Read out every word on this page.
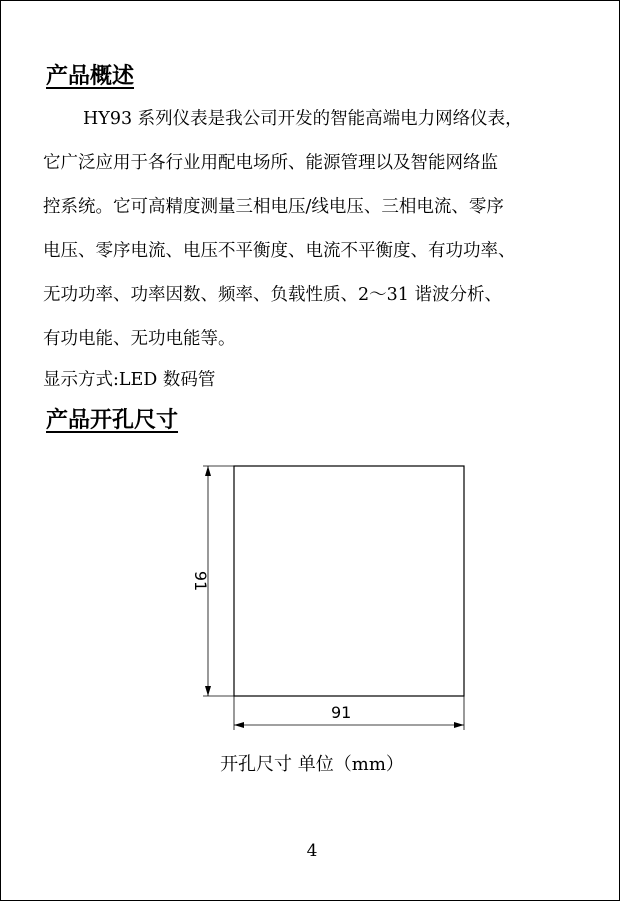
产品概述
HY93 系列仪表是我公司开发的智能高端电力网络仪表，
它广泛应用于各行业用配电场所、能源管理以及智能网络监
控系统。它可高精度测量三相电压/线电压、三相电流、零序
电压、零序电流、电压不平衡度、电流不平衡度、有功功率、
无功功率、功率因数、频率、负载性质、2～31 谐波分析、
有功电能、无功电能等。
显示方式:LED 数码管
产品开孔尺寸
91
91
开孔尺寸 单位（mm）
4
